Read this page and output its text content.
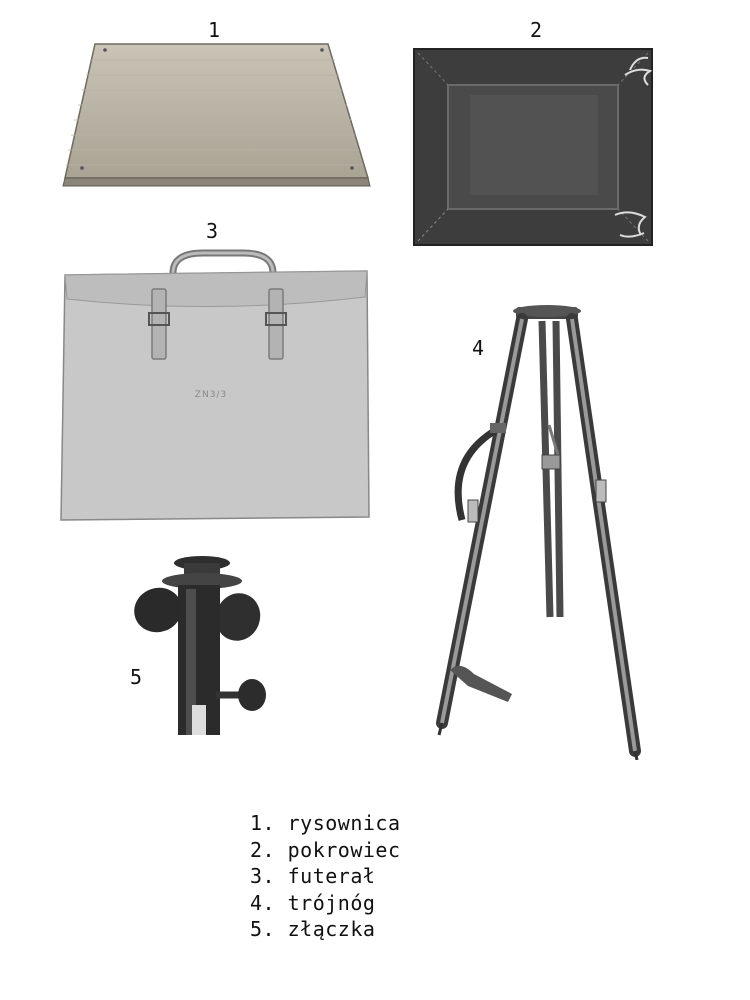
1	2
3
4
5
ZN3/3
1. rysownica
2. pokrowiec
3. futerał
4. trójnóg
5. złączka
